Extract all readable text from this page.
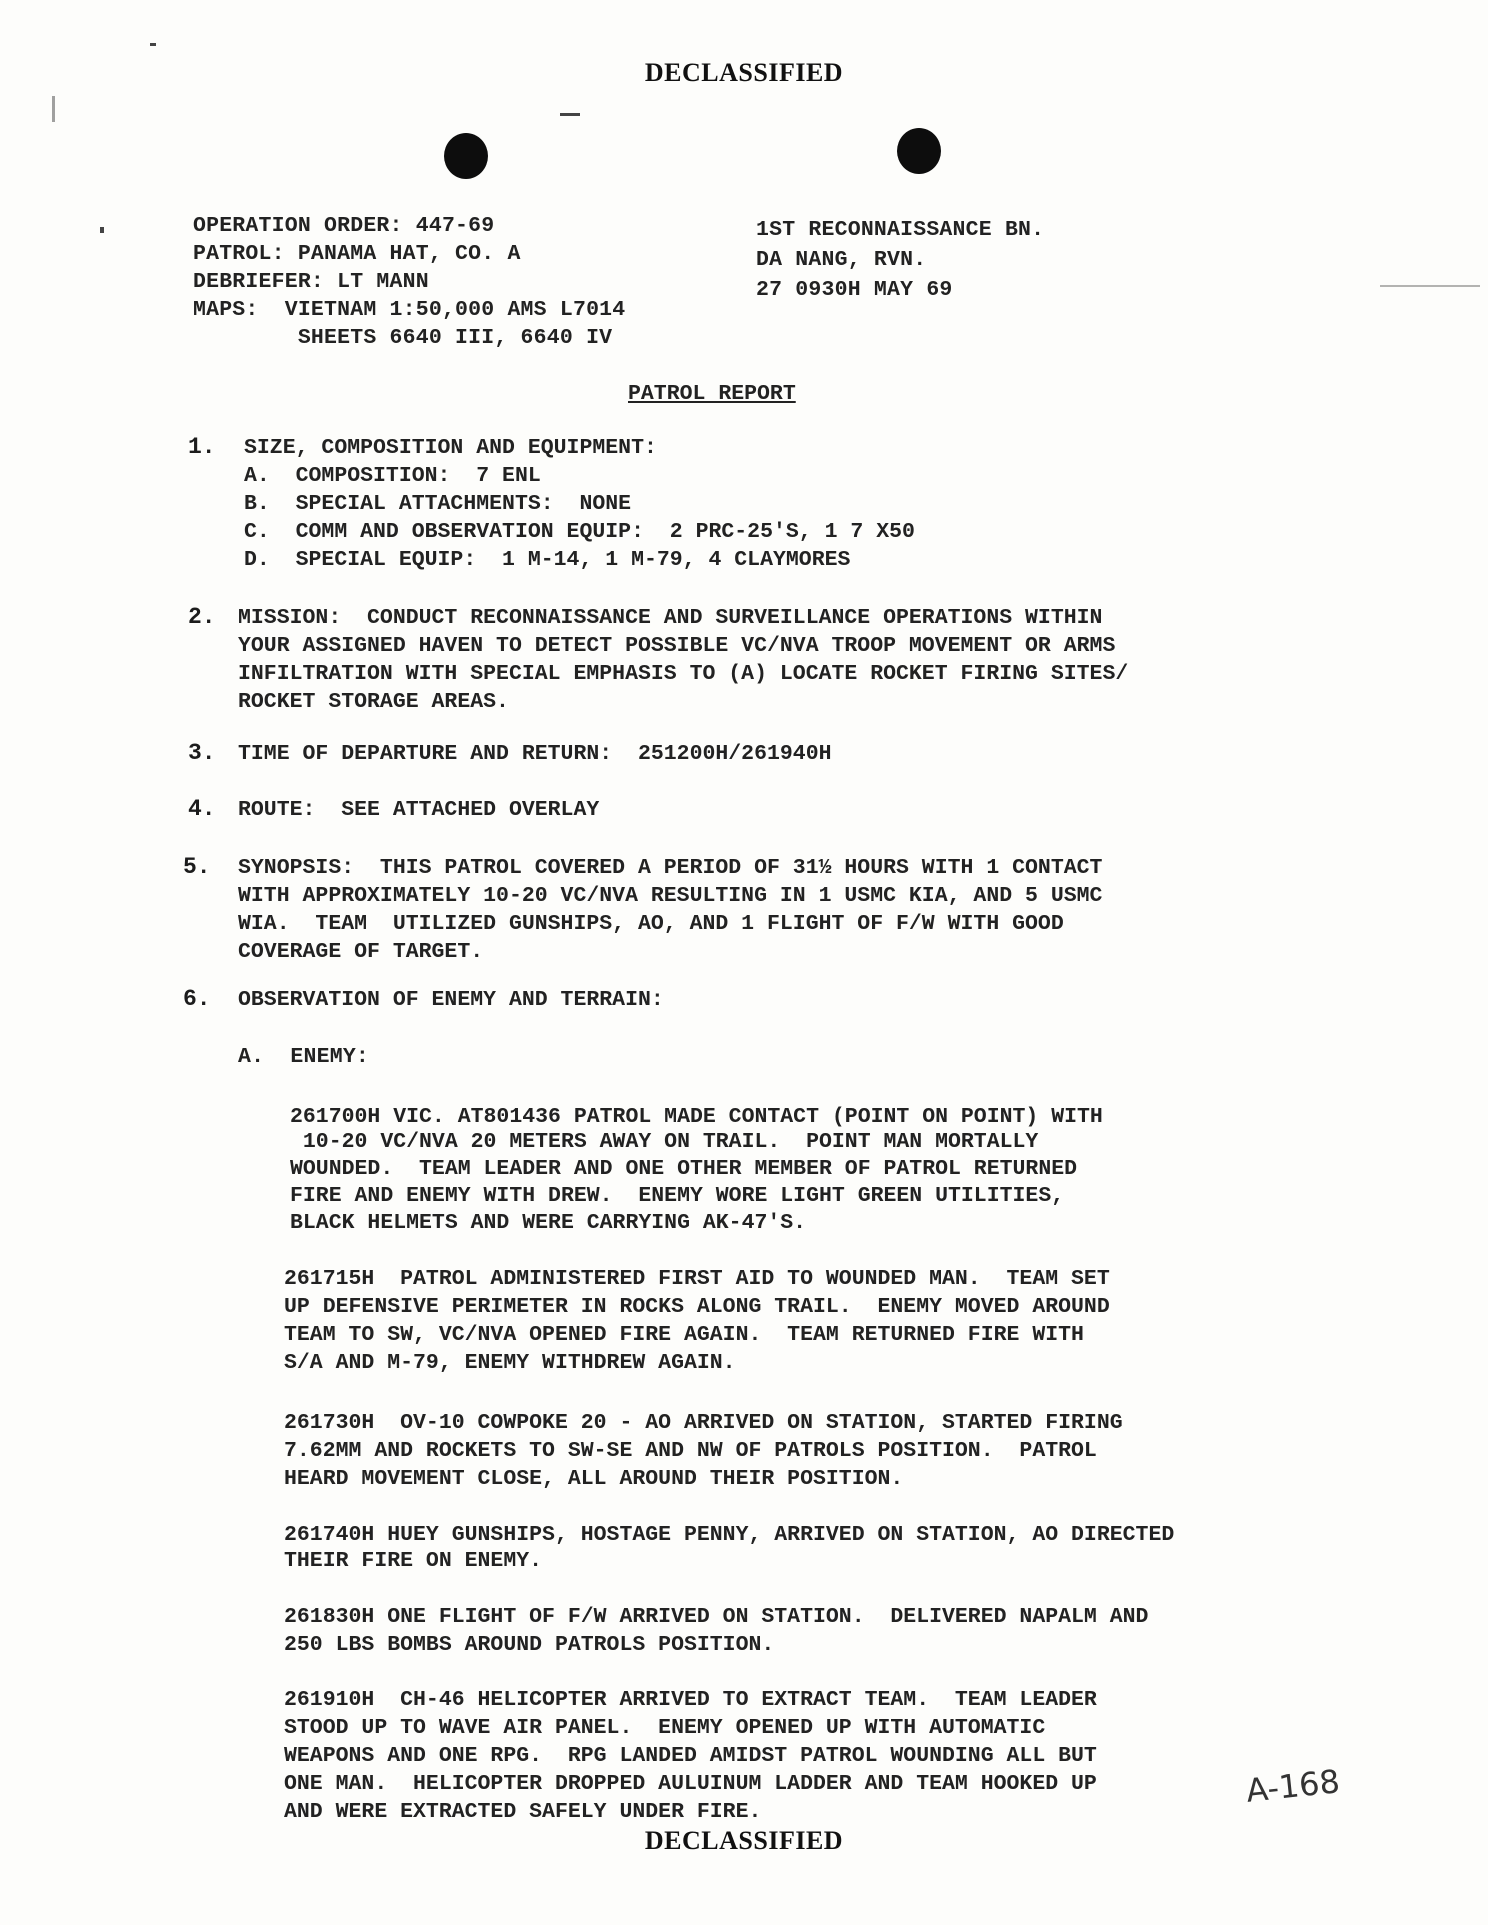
DECLASSIFIED
OPERATION ORDER: 447-69
PATROL: PANAMA HAT, CO. A
DEBRIEFER: LT MANN
MAPS:  VIETNAM 1:50,000 AMS L7014
SHEETS 6640 III, 6640 IV
1ST RECONNAISSANCE BN.
DA NANG, RVN.
27 0930H MAY 69
PATROL REPORT
1. SIZE, COMPOSITION AND EQUIPMENT:
A.  COMPOSITION:  7 ENL
B.  SPECIAL ATTACHMENTS:  NONE
C.  COMM AND OBSERVATION EQUIP:  2 PRC-25'S, 1 7 X50
D.  SPECIAL EQUIP:  1 M-14, 1 M-79, 4 CLAYMORES
2. MISSION:  CONDUCT RECONNAISSANCE AND SURVEILLANCE OPERATIONS WITHIN
YOUR ASSIGNED HAVEN TO DETECT POSSIBLE VC/NVA TROOP MOVEMENT OR ARMS
INFILTRATION WITH SPECIAL EMPHASIS TO (A) LOCATE ROCKET FIRING SITES/
ROCKET STORAGE AREAS.
3. TIME OF DEPARTURE AND RETURN:  251200H/261940H
4. ROUTE:  SEE ATTACHED OVERLAY
5. SYNOPSIS:  THIS PATROL COVERED A PERIOD OF 31½ HOURS WITH 1 CONTACT
WITH APPROXIMATELY 10-20 VC/NVA RESULTING IN 1 USMC KIA, AND 5 USMC
WIA.  TEAM  UTILIZED GUNSHIPS, AO, AND 1 FLIGHT OF F/W WITH GOOD
COVERAGE OF TARGET.
6. OBSERVATION OF ENEMY AND TERRAIN:
A.  ENEMY:
261700H VIC. AT801436 PATROL MADE CONTACT (POINT ON POINT) WITH
10-20 VC/NVA 20 METERS AWAY ON TRAIL.  POINT MAN MORTALLY
WOUNDED.  TEAM LEADER AND ONE OTHER MEMBER OF PATROL RETURNED
FIRE AND ENEMY WITH DREW.  ENEMY WORE LIGHT GREEN UTILITIES,
BLACK HELMETS AND WERE CARRYING AK-47'S.
261715H  PATROL ADMINISTERED FIRST AID TO WOUNDED MAN.  TEAM SET
UP DEFENSIVE PERIMETER IN ROCKS ALONG TRAIL.  ENEMY MOVED AROUND
TEAM TO SW, VC/NVA OPENED FIRE AGAIN.  TEAM RETURNED FIRE WITH
S/A AND M-79, ENEMY WITHDREW AGAIN.
261730H  OV-10 COWPOKE 20 - AO ARRIVED ON STATION, STARTED FIRING
7.62MM AND ROCKETS TO SW-SE AND NW OF PATROLS POSITION.  PATROL
HEARD MOVEMENT CLOSE, ALL AROUND THEIR POSITION.
261740H HUEY GUNSHIPS, HOSTAGE PENNY, ARRIVED ON STATION, AO DIRECTED
THEIR FIRE ON ENEMY.
261830H ONE FLIGHT OF F/W ARRIVED ON STATION.  DELIVERED NAPALM AND
250 LBS BOMBS AROUND PATROLS POSITION.
261910H  CH-46 HELICOPTER ARRIVED TO EXTRACT TEAM.  TEAM LEADER
STOOD UP TO WAVE AIR PANEL.  ENEMY OPENED UP WITH AUTOMATIC
WEAPONS AND ONE RPG.  RPG LANDED AMIDST PATROL WOUNDING ALL BUT
ONE MAN.  HELICOPTER DROPPED AULUINUM LADDER AND TEAM HOOKED UP
AND WERE EXTRACTED SAFELY UNDER FIRE.
A-168
DECLASSIFIED
